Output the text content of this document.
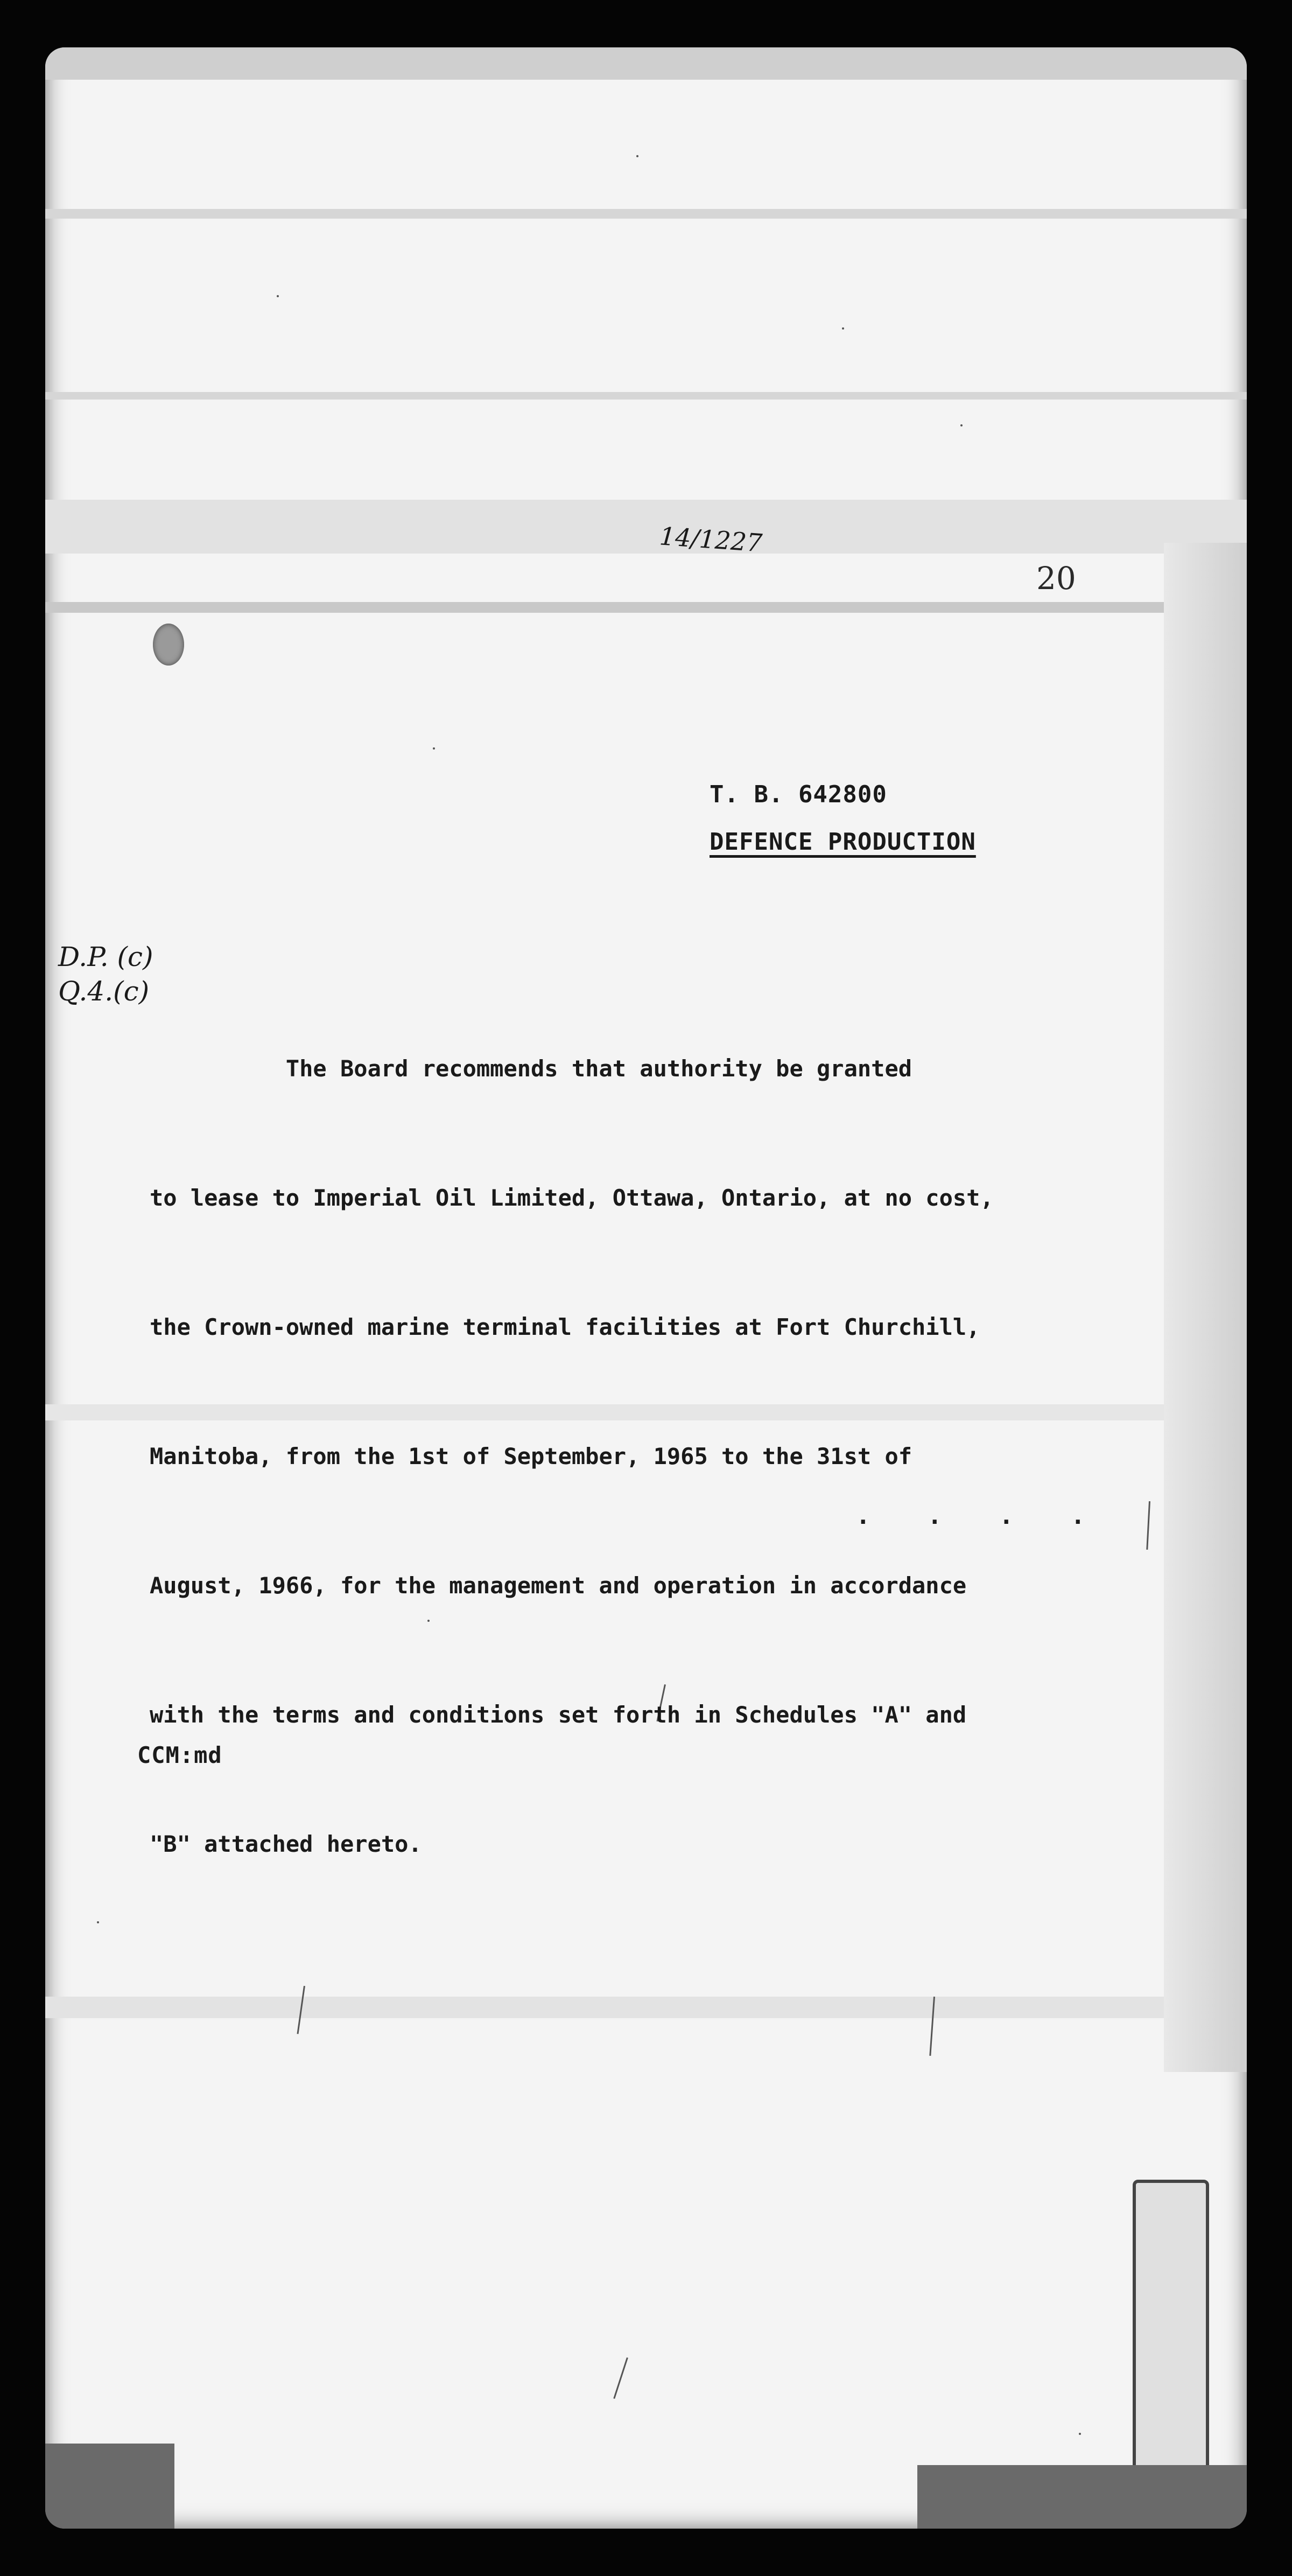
14/1227
20
T. B. 642800
DEFENCE PRODUCTION
D.P. (c)
Q.4.(c)

The Board recommends that authority be granted

to lease to Imperial Oil Limited, Ottawa, Ontario, at no cost,

the Crown-owned marine terminal facilities at Fort Churchill,

Manitoba, from the 1st of September, 1965 to the 31st of

August, 1966, for the management and operation in accordance

with the terms and conditions set forth in Schedules "A" and

"B" attached hereto.

. . . .
CCM:md
